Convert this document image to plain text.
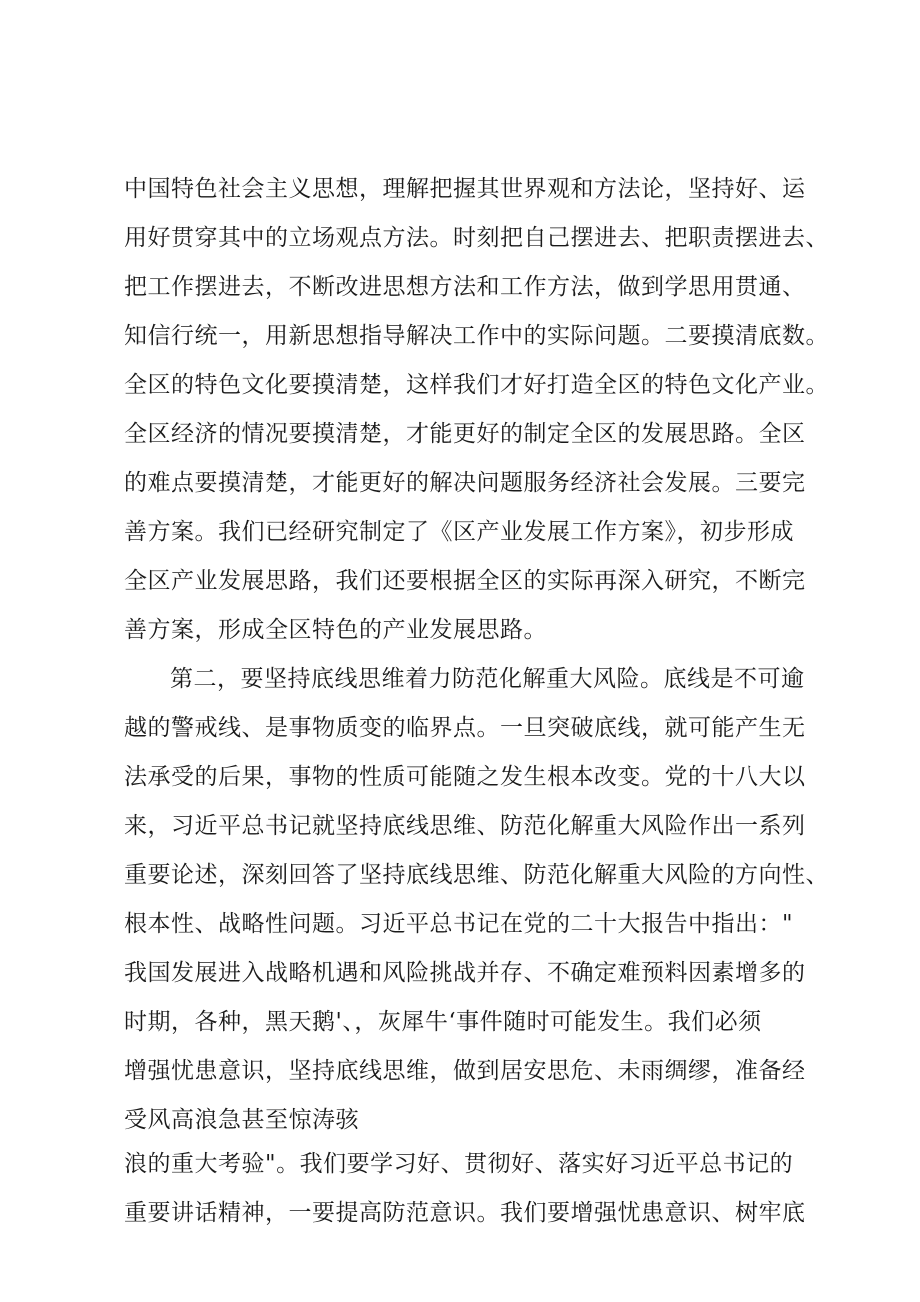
中国特色社会主义思想，理解把握其世界观和方法论，坚持好、运
用好贯穿其中的立场观点方法。时刻把自己摆进去、把职责摆进去、
把工作摆进去，不断改进思想方法和工作方法，做到学思用贯通、
知信行统一，用新思想指导解决工作中的实际问题。二要摸清底数。
全区的特色文化要摸清楚，这样我们才好打造全区的特色文化产业。
全区经济的情况要摸清楚，才能更好的制定全区的发展思路。全区
的难点要摸清楚，才能更好的解决问题服务经济社会发展。三要完
善方案。我们已经研究制定了《区产业发展工作方案》，初步形成
全区产业发展思路，我们还要根据全区的实际再深入研究，不断完
善方案，形成全区特色的产业发展思路。
第二，要坚持底线思维着力防范化解重大风险。底线是不可逾
越的警戒线、是事物质变的临界点。一旦突破底线，就可能产生无
法承受的后果，事物的性质可能随之发生根本改变。党的十八大以
来，习近平总书记就坚持底线思维、防范化解重大风险作出一系列
重要论述，深刻回答了坚持底线思维、防范化解重大风险的方向性、
根本性、战略性问题。习近平总书记在党的二十大报告中指出："
我国发展进入战略机遇和风险挑战并存、不确定难预料因素增多的
时期，各种，黑天鹅'、，灰犀牛‘事件随时可能发生。我们必须
增强忧患意识，坚持底线思维，做到居安思危、未雨绸缪，准备经
受风高浪急甚至惊涛骇
浪的重大考验"。我们要学习好、贯彻好、落实好习近平总书记的
重要讲话精神，一要提高防范意识。我们要增强忧患意识、树牢底
